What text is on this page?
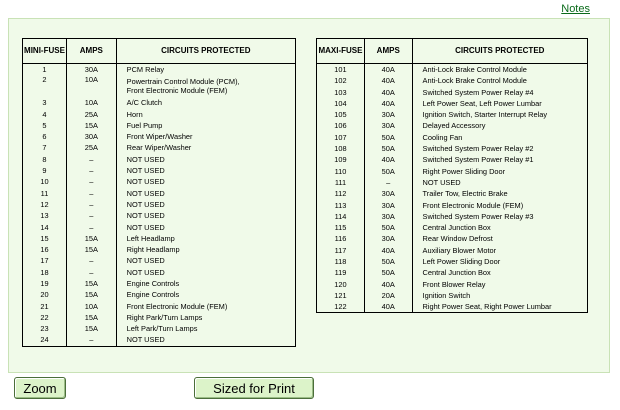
Notes
MINI-FUSE	AMPS	CIRCUITS PROTECTED
1	30A	PCM Relay
2	10A	Powertrain Control Module (PCM),
Front Electronic Module (FEM)

3	10A	A/C Clutch
4	25A	Horn
5	15A	Fuel Pump
6	30A	Front Wiper/Washer
7	25A	Rear Wiper/Washer
8	–	NOT USED
9	–	NOT USED
10	–	NOT USED
11	–	NOT USED
12	–	NOT USED
13	–	NOT USED
14	–	NOT USED
15	15A	Left Headlamp
16	15A	Right Headlamp
17	–	NOT USED
18	–	NOT USED
19	15A	Engine Controls
20	15A	Engine Controls
21	10A	Front Electronic Module (FEM)
22	15A	Right Park/Turn Lamps
23	15A	Left Park/Turn Lamps
24	–	NOT USED
MAXI-FUSE	AMPS	CIRCUITS PROTECTED
101	40A	Anti-Lock Brake Control Module
102	40A	Anti-Lock Brake Control Module
103	40A	Switched System Power Relay #4
104	40A	Left Power Seat, Left Power Lumbar
105	30A	Ignition Switch, Starter Interrupt Relay
106	30A	Delayed Accessory
107	50A	Cooling Fan
108	50A	Switched System Power Relay #2
109	40A	Switched System Power Relay #1
110	50A	Right Power Sliding Door
111	–	NOT USED
112	30A	Trailer Tow, Electric Brake
113	30A	Front Electronic Module (FEM)
114	30A	Switched System Power Relay #3
115	50A	Central Junction Box
116	30A	Rear Window Defrost
117	40A	Auxiliary Blower Motor
118	50A	Left Power Sliding Door
119	50A	Central Junction Box
120	40A	Front Blower Relay
121	20A	Ignition Switch
122	40A	Right Power Seat, Right Power Lumbar
Zoom	Sized for Print
